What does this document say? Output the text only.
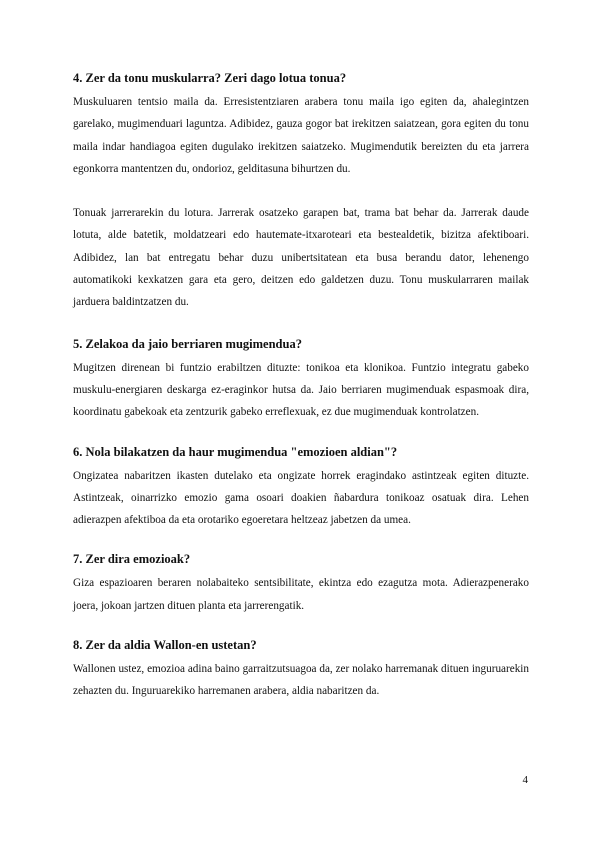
4. Zer da tonu muskularra? Zeri dago lotua tonua?

Muskuluaren tentsio maila da. Erresistentziaren arabera tonu maila igo egiten da, ahalegintzen garelako, mugimenduari laguntza. Adibidez, gauza gogor bat irekitzen saiatzean, gora egiten du tonu maila indar handiagoa egiten dugulako irekitzen saiatzeko. Mugimendutik bereizten du eta jarrera egonkorra mantentzen du, ondorioz, gelditasuna bihurtzen du.

Tonuak jarrerarekin du lotura. Jarrerak osatzeko garapen bat, trama bat behar da. Jarrerak daude lotuta, alde batetik, moldatzeari edo hautemate-itxaroteari eta bestealdetik, bizitza afektiboari. Adibidez, lan bat entregatu behar duzu unibertsitatean eta busa berandu dator, lehenengo automatikoki kexkatzen gara eta gero, deitzen edo galdetzen duzu. Tonu muskularraren mailak jarduera baldintzatzen du.

5. Zelakoa da jaio berriaren mugimendua?

Mugitzen direnean bi funtzio erabiltzen dituzte: tonikoa eta klonikoa. Funtzio integratu gabeko muskulu-energiaren deskarga ez-eraginkor hutsa da. Jaio berriaren mugimenduak espasmoak dira, koordinatu gabekoak eta zentzurik gabeko erreflexuak, ez due mugimenduak kontrolatzen.

6. Nola bilakatzen da haur mugimendua "emozioen aldian"?

Ongizatea nabaritzen ikasten dutelako eta ongizate horrek eragindako astintzeak egiten dituzte. Astintzeak, oinarrizko emozio gama osoari doakien ñabardura tonikoaz osatuak dira. Lehen adierazpen afektiboa da eta orotariko egoeretara heltzeaz jabetzen da umea.

7. Zer dira emozioak?

Giza espazioaren beraren nolabaiteko sentsibilitate, ekintza edo ezagutza mota. Adierazpenerako joera, jokoan jartzen dituen planta eta jarrerengatik.

8. Zer da aldia Wallon-en ustetan?

Wallonen ustez, emozioa adina baino garraitzutsuagoa da, zer nolako harremanak dituen inguruarekin zehazten du. Inguruarekiko harremanen arabera, aldia nabaritzen da.

4
